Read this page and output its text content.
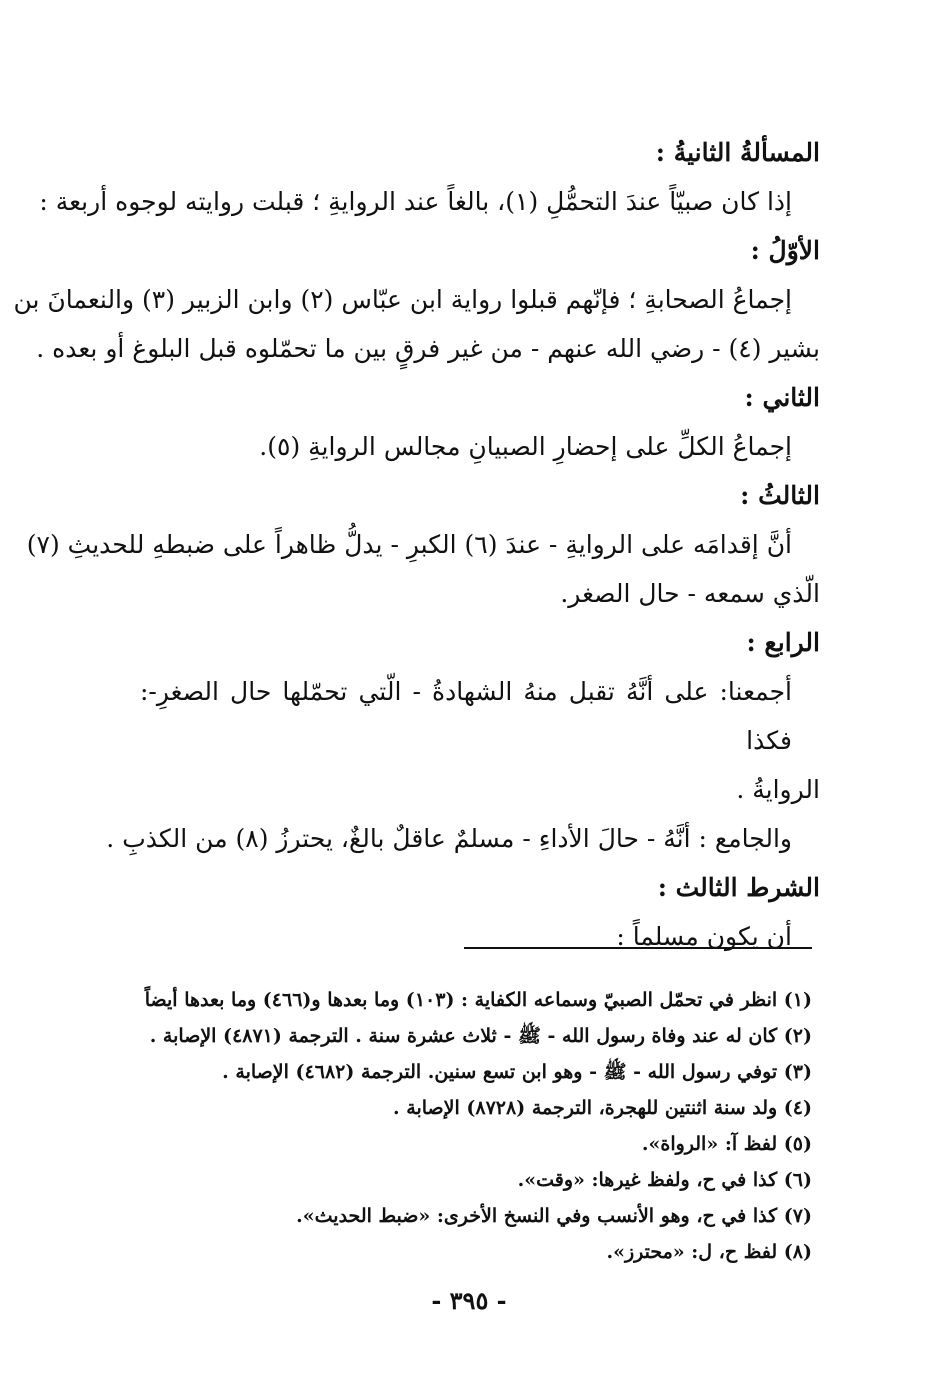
المسألةُ الثانيةُ :
إذا كان صبيّاً عندَ التحمُّلِ (١)، بالغاً عند الروايةِ ؛ قبلت روايته لوجوه أربعة :
الأوّلُ :
إجماعُ الصحابةِ ؛ فإنّهم قبلوا رواية ابن عبّاس (٢) وابن الزبير (٣) والنعمانَ بن
بشير (٤) - رضي الله عنهم - من غير فرقٍ بين ما تحمّلوه قبل البلوغ أو بعده .
الثاني :
إجماعُ الكلِّ على إحضارِ الصبيانِ مجالس الروايةِ (٥).
الثالثُ :
أنَّ إقدامَه على الروايةِ - عندَ (٦) الكبرِ - يدلُّ ظاهراً على ضبطهِ للحديثِ (٧)
الّذي سمعه - حال الصغر.
الرابع :
أجمعنا: على أنَّهُ تقبل منهُ الشهادةُ - الّتي تحمّلها حال الصغرِ-: فكذا
الروايةُ .
والجامع : أنَّهُ - حالَ الأداءِ - مسلمٌ عاقلٌ بالغٌ، يحترزُ (٨) من الكذبِ .
الشرط الثالث :
أن يكون مسلماً :
(١) انظر في تحمّل الصبيّ وسماعه الكفاية : (١٠٣) وما بعدها و(٤٦٦) وما بعدها أيضاً
(٢) كان له عند وفاة رسول الله - ﷺ - ثلاث عشرة سنة . الترجمة (٤٨٧١) الإصابة .
(٣) توفي رسول الله - ﷺ - وهو ابن تسع سنين. الترجمة (٤٦٨٢) الإصابة .
(٤) ولد سنة اثنتين للهجرة، الترجمة (٨٧٢٨) الإصابة .
(٥) لفظ آ: «الرواة».
(٦) كذا في ح، ولفظ غيرها: «وقت».
(٧) كذا في ح، وهو الأنسب وفي النسخ الأخرى: «ضبط الحديث».
(٨) لفظ ح، ل: «محترز».
- ٣٩٥ -
